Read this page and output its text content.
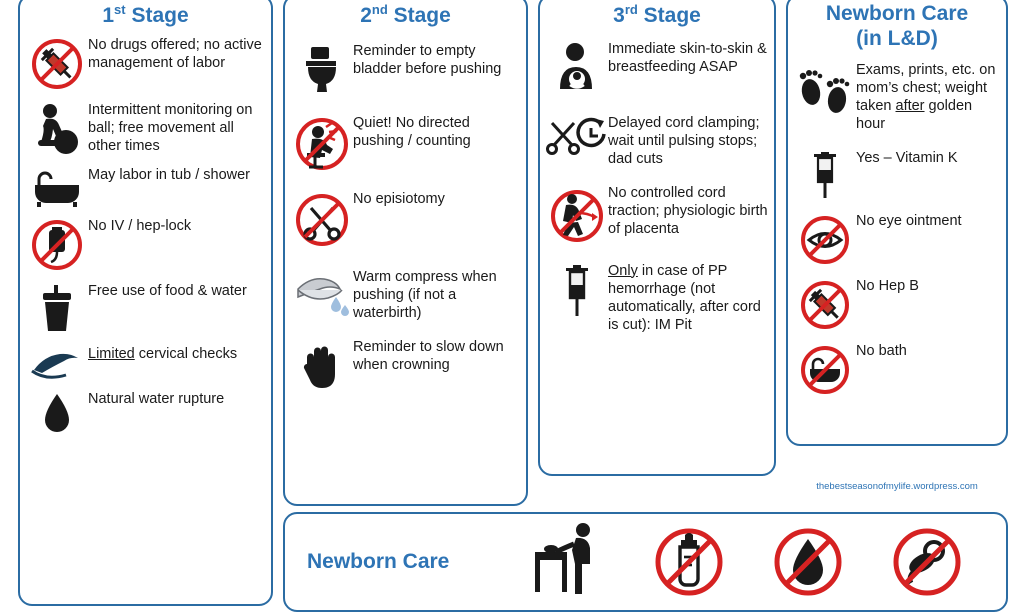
1st Stage
No drugs offered; no active management of labor
Intermittent monitoring on ball; free movement all other times
May labor in tub / shower
No IV / hep-lock
Free use of food & water
Limited cervical checks
Natural water rupture
2nd Stage
Reminder to empty bladder before pushing
Quiet! No directed pushing / counting
No episiotomy
Warm compress when pushing (if not a waterbirth)
Reminder to slow down when crowning
3rd Stage
Immediate skin-to-skin & breastfeeding ASAP
Delayed cord clamping; wait until pulsing stops; dad cuts
No controlled cord traction; physiologic birth of placenta
Only in case of PP hemorrhage (not automatically, after cord is cut): IM Pit
Newborn Care
(in L&D)
Exams, prints, etc. on mom’s chest; weight taken after golden hour
Yes – Vitamin K
No eye ointment
No Hep B
No bath
thebestseasonofmylife.wordpress.com
Newborn Care
